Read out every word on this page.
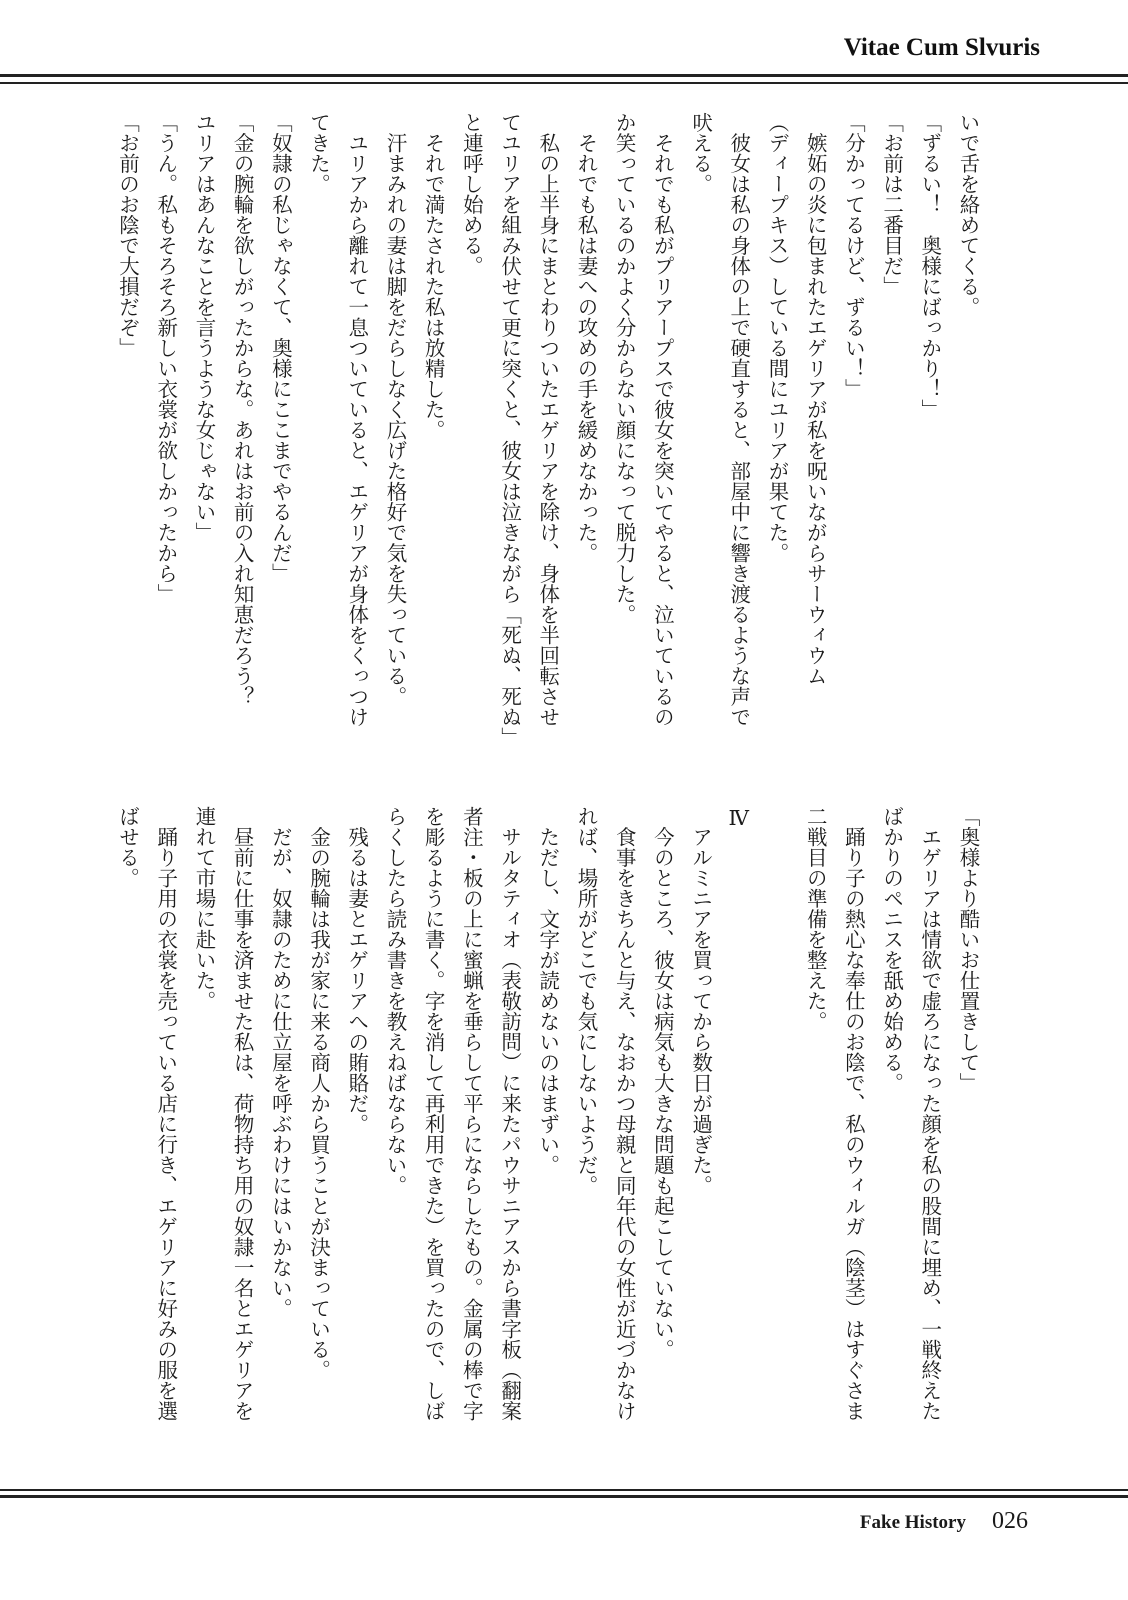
Vitae Cum Slvuris
いで舌を絡めてくる。
「ずるい！　奥様にばっかり！」
「お前は二番目だ」
「分かってるけど、ずるい！」
　嫉妬の炎に包まれたエゲリアが私を呪いながらサーウィウム
（ディープキス）している間にユリアが果てた。
　彼女は私の身体の上で硬直すると、部屋中に響き渡るような声で
吠える。
　それでも私がプリアープスで彼女を突いてやると、泣いているの
か笑っているのかよく分からない顔になって脱力した。
　それでも私は妻への攻めの手を緩めなかった。
　私の上半身にまとわりついたエゲリアを除け、身体を半回転させ
てユリアを組み伏せて更に突くと、彼女は泣きながら「死ぬ、死ぬ」
と連呼し始める。
　それで満たされた私は放精した。
　汗まみれの妻は脚をだらしなく広げた格好で気を失っている。
　ユリアから離れて一息ついていると、エゲリアが身体をくっつけ
てきた。
「奴隷の私じゃなくて、奥様にここまでやるんだ」
「金の腕輪を欲しがったからな。あれはお前の入れ知恵だろう？
ユリアはあんなことを言うような女じゃない」
「うん。私もそろそろ新しい衣裳が欲しかったから」
「お前のお陰で大損だぞ」
「奥様より酷いお仕置きして」
　エゲリアは情欲で虚ろになった顔を私の股間に埋め、一戦終えた
ばかりのペニスを舐め始める。
　踊り子の熱心な奉仕のお陰で、私のウィルガ（陰茎）はすぐさま
二戦目の準備を整えた。
Ⅳ
　アルミニアを買ってから数日が過ぎた。
　今のところ、彼女は病気も大きな問題も起こしていない。
　食事をきちんと与え、なおかつ母親と同年代の女性が近づかなけ
れば、場所がどこでも気にしないようだ。
　ただし、文字が読めないのはまずい。
　サルタティオ（表敬訪問）に来たパウサニアスから書字板（翻案
者注・板の上に蜜蝋を垂らして平らにならしたもの。金属の棒で字
を彫るように書く。字を消して再利用できた）を買ったので、しば
らくしたら読み書きを教えねばならない。
　残るは妻とエゲリアへの賄賂だ。
　金の腕輪は我が家に来る商人から買うことが決まっている。
　だが、奴隷のために仕立屋を呼ぶわけにはいかない。
　昼前に仕事を済ませた私は、荷物持ち用の奴隷一名とエゲリアを
連れて市場に赴いた。
　踊り子用の衣裳を売っている店に行き、エゲリアに好みの服を選
ばせる。
Fake History 026
